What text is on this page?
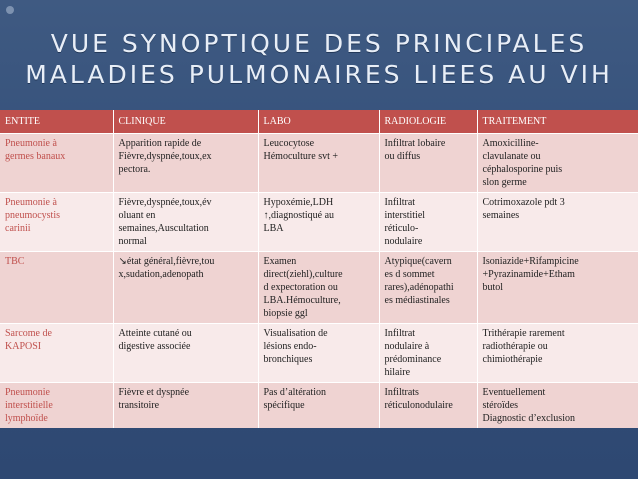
VUE SYNOPTIQUE DES PRINCIPALES
MALADIES PULMONAIRES LIEES AU VIH
ENTITE	CLINIQUE	LABO	RADIOLOGIE	TRAITEMENT

Pneumonie à
germes banaux	Apparition rapide de
Fièvre,dyspnée,toux,ex
pectora.	Leucocytose
Hémoculture svt +	Infiltrat lobaire
ou diffus	Amoxicilline-
clavulanate ou
céphalosporine puis
slon germe

Pneumonie à
pneumocystis
carinii	Fièvre,dyspnée,toux,év
oluant en
semaines,Auscultation
normal	Hypoxémie,LDH
↑,diagnostiqué au
LBA	Infiltrat
interstitiel
réticulo-
nodulaire	Cotrimoxazole pdt 3
semaines

TBC	↘état général,fièvre,tou
x,sudation,adenopath	Examen
direct(ziehl),culture
d expectoration ou
LBA.Hémoculture,
biopsie ggl	Atypique(cavern
es d sommet
rares),adénopathi
es médiastinales	Isoniazide+Rifampicine
+Pyrazinamide+Etham
butol

Sarcome de
KAPOSI	Atteinte cutané ou
digestive associée	Visualisation de
lésions endo-
bronchiques	Infiltrat
nodulaire à
prédominance
hilaire	Trithérapie rarement
radiothérapie ou
chimiothérapie

Pneumonie
interstitielle
lymphoïde	Fièvre et dyspnée
transitoire	Pas d’altération
spécifique	Infiltrats
réticulonodulaire	Eventuellement
stéroïdes
Diagnostic d’exclusion
